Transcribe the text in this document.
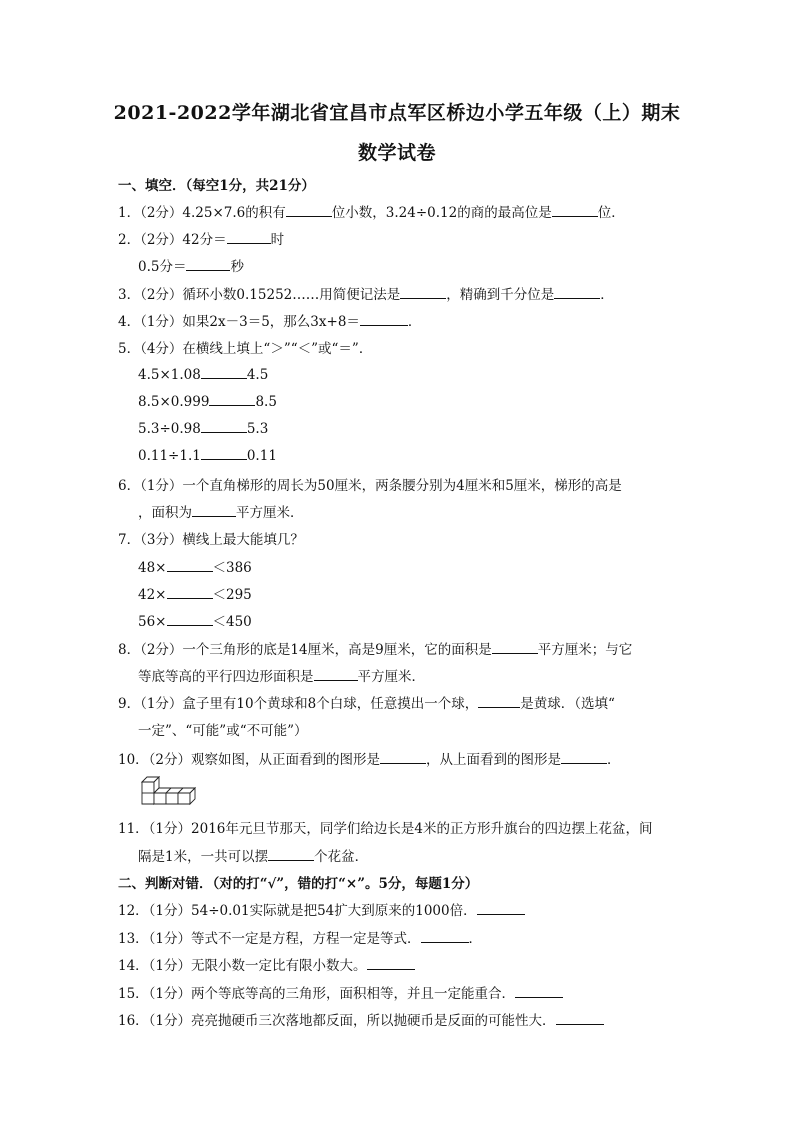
2021-2022学年湖北省宜昌市点军区桥边小学五年级（上）期末
数学试卷
一、填空．（每空1分，共21分）
1．（2分）4.25×7.6的积有	位小数，3.24÷0.12的商的最高位是	位．
2．（2分）42分＝	时
0.5分＝	秒
3．（2分）循环小数0.15252……用简便记法是	，精确到千分位是	．
4．（1分）如果2x－3＝5，那么3x+8＝	．
5．（4分）在横线上填上“＞”“＜”或“＝”．
4.5×1.08	4.5
8.5×0.999	8.5
5.3÷0.98	5.3
0.11÷1.1	0.11
6．（1分）一个直角梯形的周长为50厘米，两条腰分别为4厘米和5厘米，梯形的高是
，面积为	平方厘米．
7．（3分）横线上最大能填几？
48×	＜386
42×	＜295
56×	＜450
8．（2分）一个三角形的底是14厘米，高是9厘米，它的面积是	平方厘米；与它
等底等高的平行四边形面积是	平方厘米．
9．（1分）盒子里有10个黄球和8个白球，任意摸出一个球，	是黄球．（选填“
一定”、“可能”或“不可能”）
10．（2分）观察如图，从正面看到的图形是	，从上面看到的图形是	．
11．（1分）2016年元旦节那天，同学们给边长是4米的正方形升旗台的四边摆上花盆，间
隔是1米，一共可以摆	个花盆．
二、判断对错．（对的打“√”，错的打“×”。5分，每题1分）
12．（1分）54÷0.01实际就是把54扩大到原来的1000倍．
13．（1分）等式不一定是方程，方程一定是等式．	．
14．（1分）无限小数一定比有限小数大。
15．（1分）两个等底等高的三角形，面积相等，并且一定能重合．
16．（1分）亮亮抛硬币三次落地都反面，所以抛硬币是反面的可能性大．
